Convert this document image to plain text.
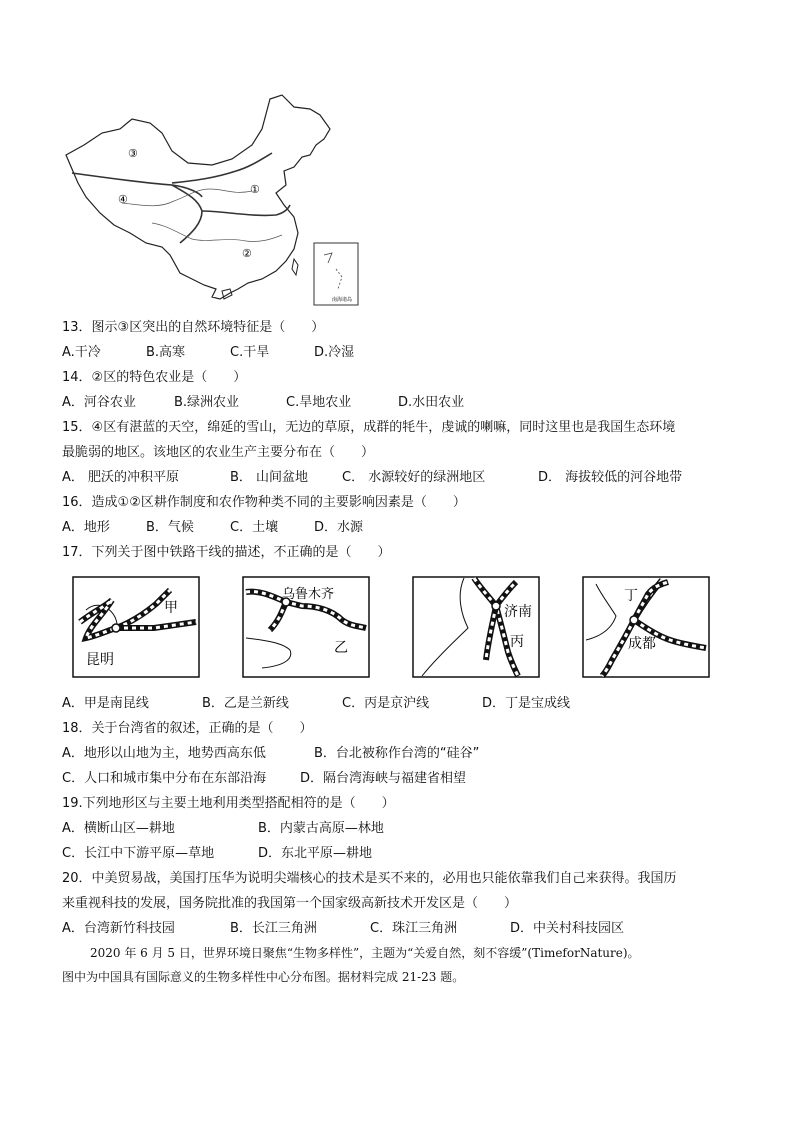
③
④
①
②
南海诸岛
13．图示③区突出的自然环境特征是（　　）
A.干冷	B.高寒	C.干旱	D.冷湿
14．②区的特色农业是（　　）
A．河谷农业	B.绿洲农业	C.旱地农业	D.水田农业
15．④区有湛蓝的天空，绵延的雪山，无边的草原，成群的牦牛，虔诚的喇嘛，同时这里也是我国生态环境
最脆弱的地区。该地区的农业生产主要分布在（　　）
A． 肥沃的冲积平原	B． 山间盆地	C． 水源较好的绿洲地区	D． 海拔较低的河谷地带
16．造成①②区耕作制度和农作物种类不同的主要影响因素是（　　）
A．地形	B．气候	C．土壤	D．水源
17．下列关于图中铁路干线的描述，不正确的是（　　）
甲
昆明
乌鲁木齐
乙
济南
丙
丁
成都
A．甲是南昆线	B．乙是兰新线	C．丙是京沪线	D．丁是宝成线
18．关于台湾省的叙述，正确的是（　　）
A．地形以山地为主，地势西高东低	B．台北被称作台湾的“硅谷”
C．人口和城市集中分布在东部沿海	D．隔台湾海峡与福建省相望
19.下列地形区与主要土地利用类型搭配相符的是（　　）
A．横断山区—耕地	B．内蒙古高原—林地
C．长江中下游平原—草地	D．东北平原—耕地
20．中美贸易战，美国打压华为说明尖端核心的技术是买不来的，必用也只能依靠我们自己来获得。我国历
来重视科技的发展，国务院批准的我国第一个国家级高新技术开发区是（　　）
A．台湾新竹科技园	B．长江三角洲	C．珠江三角洲	D．中关村科技园区
2020 年 6 月 5 日，世界环境日聚焦“生物多样性”，主题为“关爱自然，刻不容缓”(TimeforNature)。
图中为中国具有国际意义的生物多样性中心分布图。据材料完成 21-23 题。
